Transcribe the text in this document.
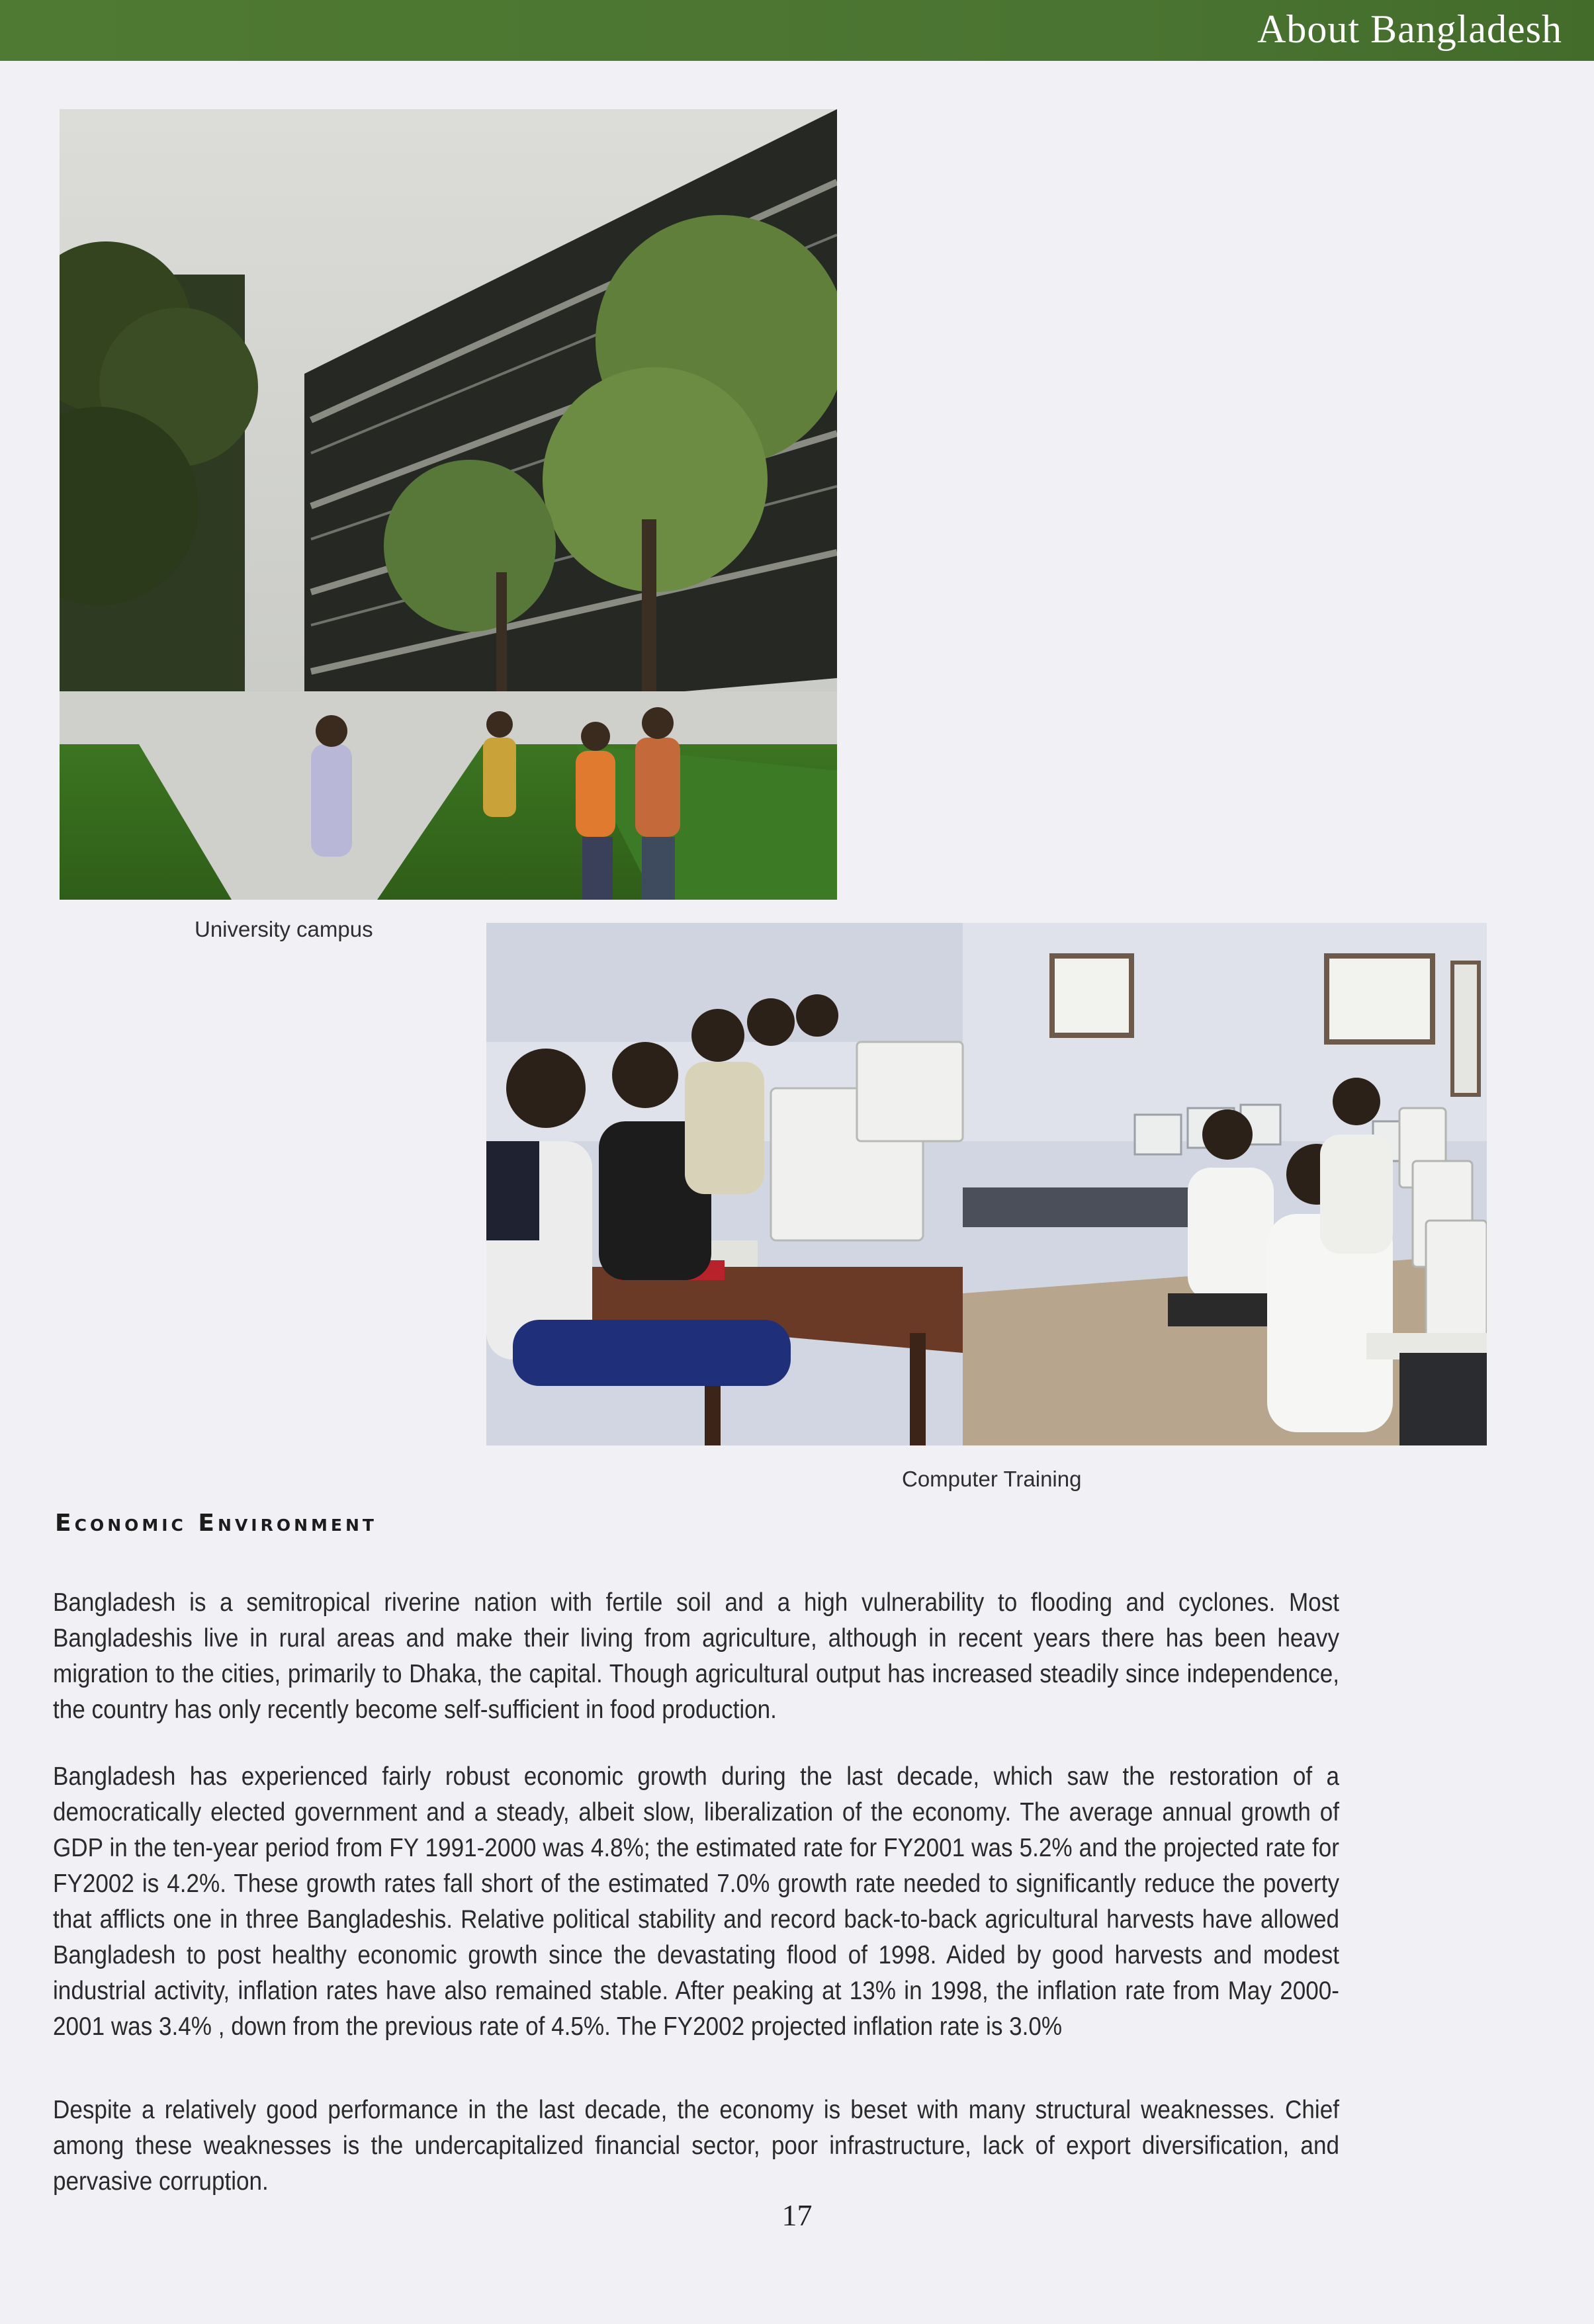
About Bangladesh
University campus
Computer Training
Economic Environment
Bangladesh is a semitropical riverine nation with fertile soil and a high vulnerability to flooding and cyclones. Most Bangladeshis live in rural areas and make their living from agriculture, although in recent years there has been heavy migration to the cities, primarily to Dhaka, the capital. Though agricultural output has increased steadily since independence, the country has only recently become self-sufficient in food production.
Bangladesh has experienced fairly robust economic growth during the last decade, which saw the restoration of a democratically elected government and a steady, albeit slow, liberalization of the economy. The average annual growth of GDP in the ten-year period from FY 1991-2000 was 4.8%; the estimated rate for FY2001 was 5.2% and the projected rate for FY2002 is 4.2%. These growth rates fall short of the estimated 7.0% growth rate needed to significantly reduce the poverty that afflicts one in three Bangladeshis. Relative political stability and record back-to-back agricultural harvests have allowed Bangladesh to post healthy economic growth since the devastating flood of 1998. Aided by good harvests and modest industrial activity, inflation rates have also remained stable. After peaking at 13% in 1998, the inflation rate from May 2000-2001 was 3.4% , down from the previous rate of 4.5%. The FY2002 projected inflation rate is 3.0%
Despite a relatively good performance in the last decade, the economy is beset with many structural weaknesses. Chief among these weaknesses is the undercapitalized financial sector, poor infrastructure, lack of export diversification, and pervasive corruption.
17
